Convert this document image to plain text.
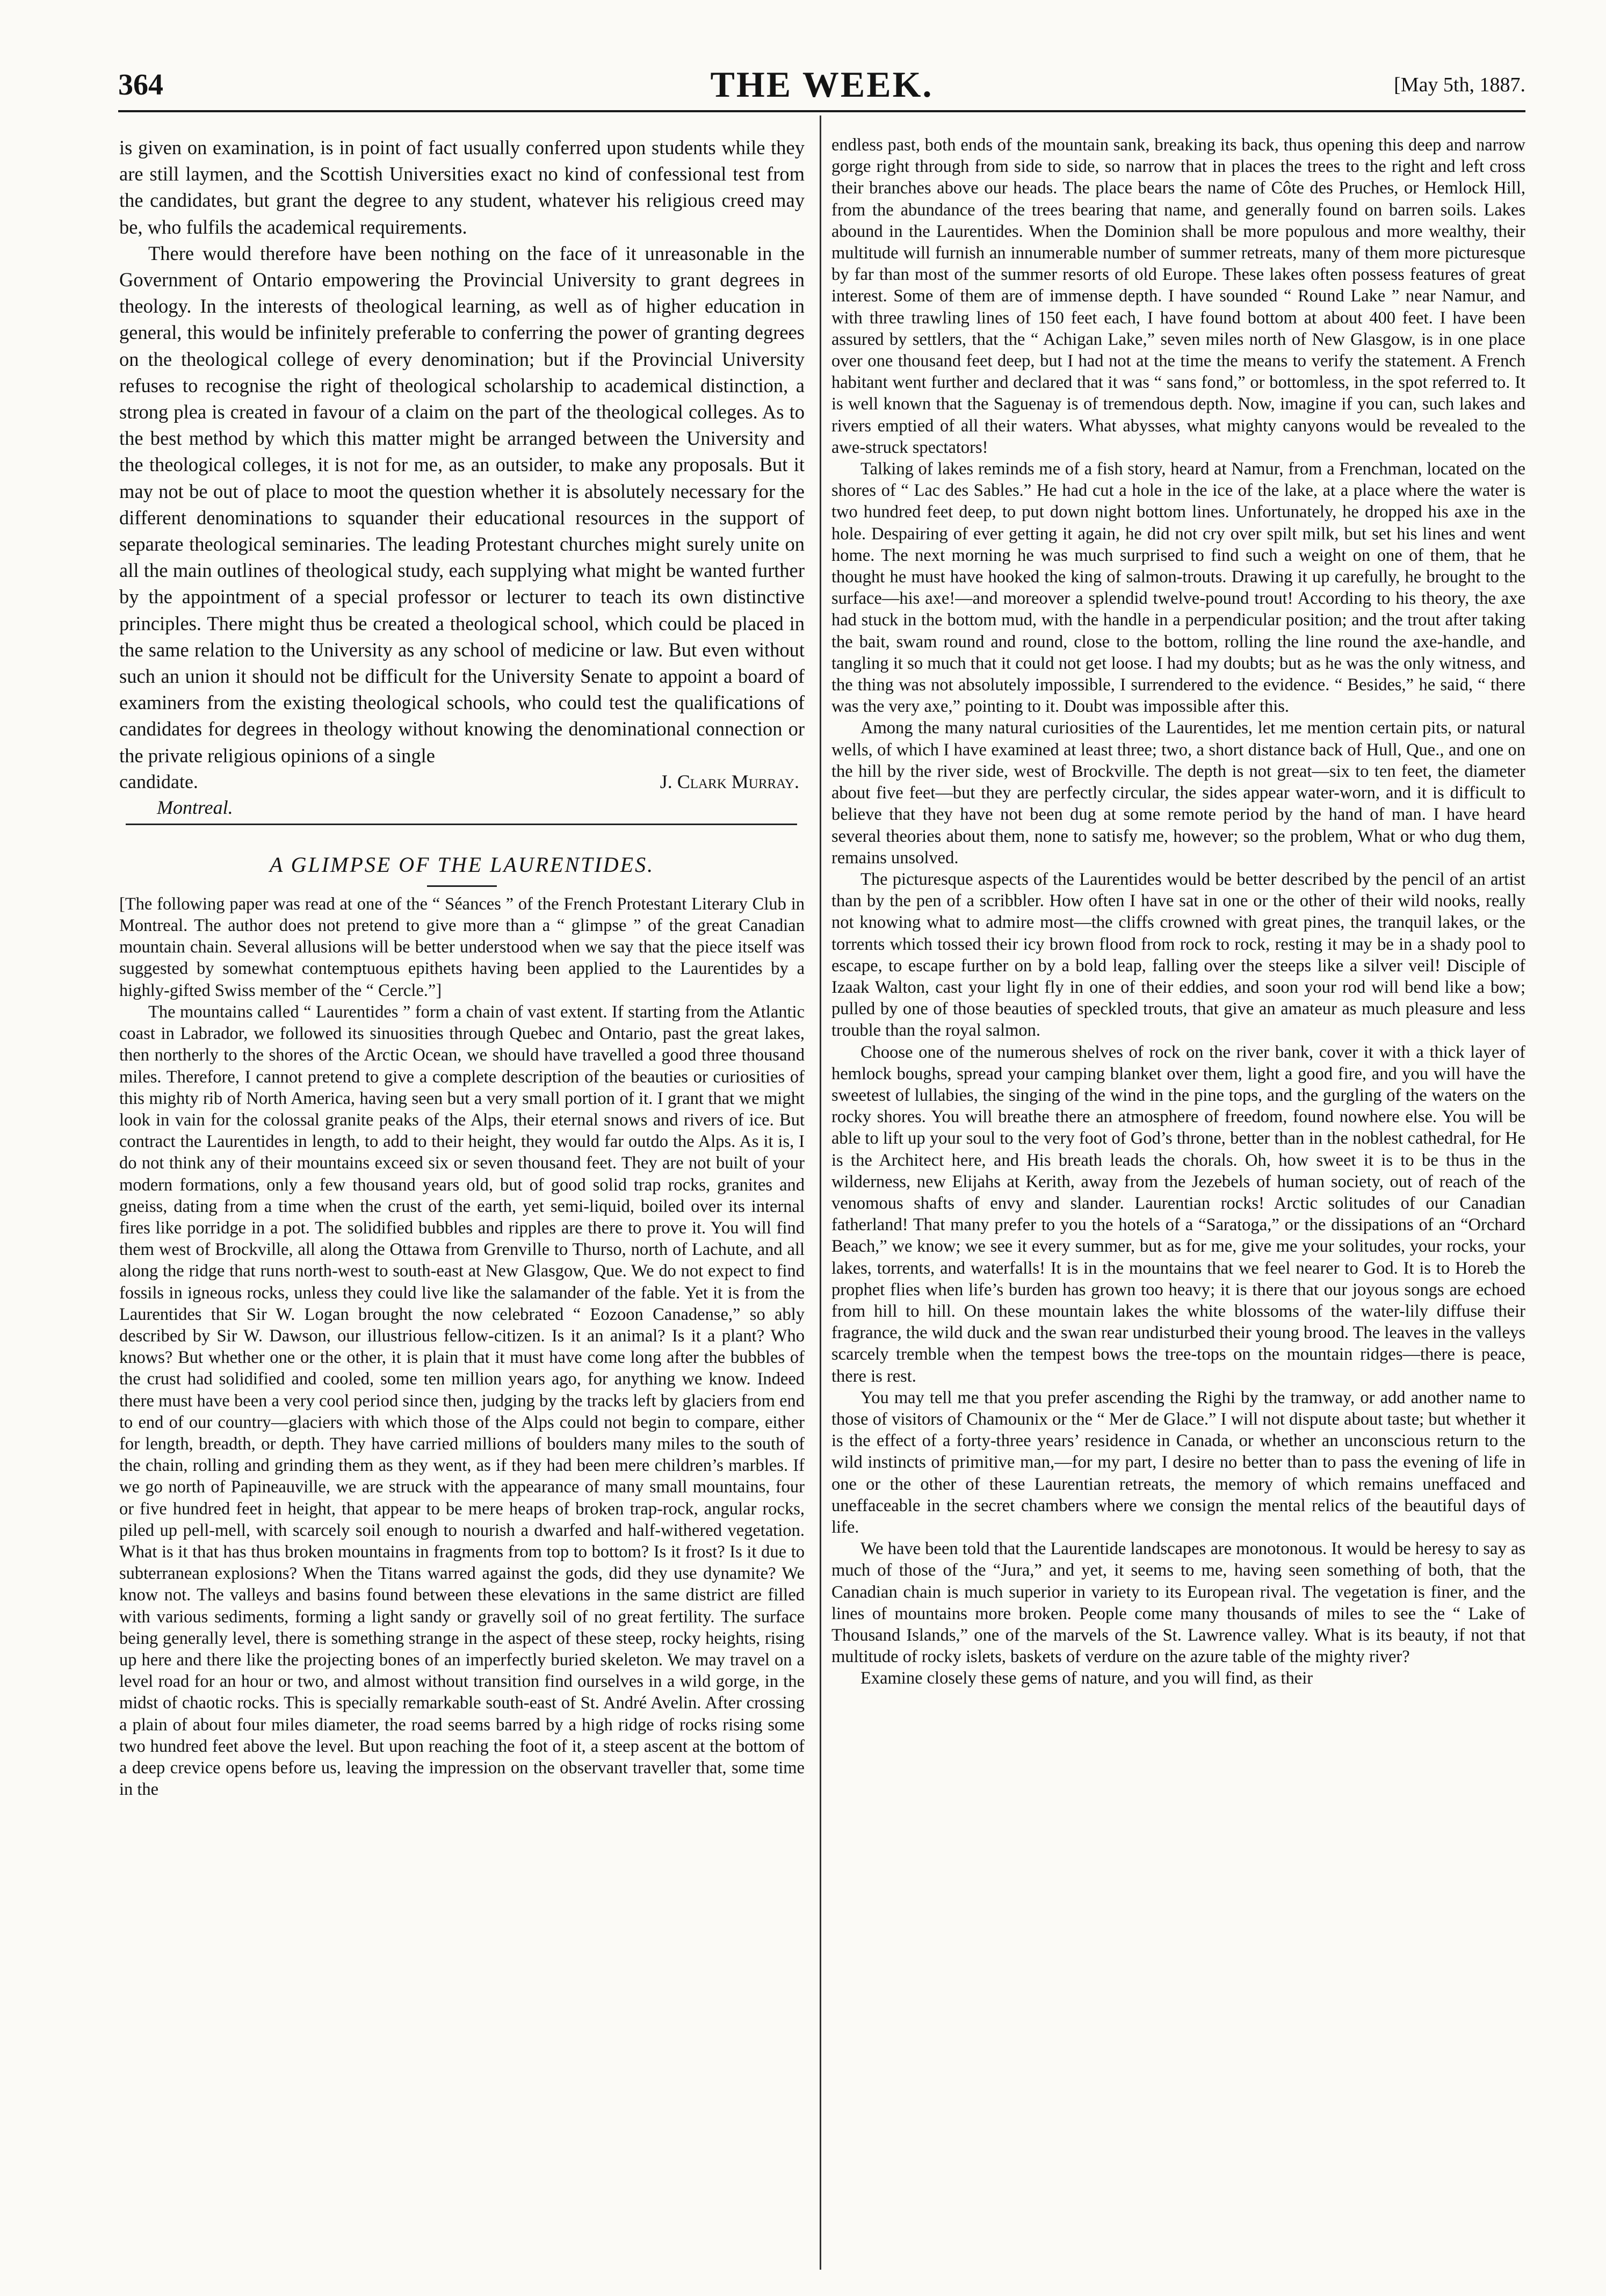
364	THE WEEK.	[May 5th, 1887.

is given on examination, is in point of fact usually conferred upon students while they are still laymen, and the Scottish Universities exact no kind of confessional test from the candidates, but grant the degree to any student, whatever his religious creed may be, who fulfils the academical requirements.

There would therefore have been nothing on the face of it unreasonable in the Government of Ontario empowering the Provincial University to grant degrees in theology. In the interests of theological learning, as well as of higher education in general, this would be infinitely preferable to conferring the power of granting degrees on the theological college of every denomination; but if the Provincial University refuses to recognise the right of theological scholarship to academical distinction, a strong plea is created in favour of a claim on the part of the theological colleges. As to the best method by which this matter might be arranged between the University and the theological colleges, it is not for me, as an outsider, to make any proposals. But it may not be out of place to moot the question whether it is absolutely necessary for the different denominations to squander their educational resources in the support of separate theological seminaries. The leading Protestant churches might surely unite on all the main outlines of theological study, each supplying what might be wanted further by the appointment of a special professor or lecturer to teach its own distinctive principles. There might thus be created a theological school, which could be placed in the same relation to the University as any school of medicine or law. But even without such an union it should not be difficult for the University Senate to appoint a board of examiners from the existing theological schools, who could test the qualifications of candidates for degrees in theology without knowing the denominational connection or the private religious opinions of a single

candidate.	J. Clark Murray.
Montreal.
A GLIMPSE OF THE LAURENTIDES.

[The following paper was read at one of the “ Séances ” of the French Protestant Literary Club in Montreal. The author does not pretend to give more than a “ glimpse ” of the great Canadian mountain chain. Several allusions will be better understood when we say that the piece itself was suggested by somewhat contemptuous epithets having been applied to the Laurentides by a highly-gifted Swiss member of the “ Cercle.”]

The mountains called “ Laurentides ” form a chain of vast extent. If starting from the Atlantic coast in Labrador, we followed its sinuosities through Quebec and Ontario, past the great lakes, then northerly to the shores of the Arctic Ocean, we should have travelled a good three thousand miles. Therefore, I cannot pretend to give a complete description of the beauties or curiosities of this mighty rib of North America, having seen but a very small portion of it. I grant that we might look in vain for the colossal granite peaks of the Alps, their eternal snows and rivers of ice. But contract the Laurentides in length, to add to their height, they would far outdo the Alps. As it is, I do not think any of their mountains exceed six or seven thousand feet. They are not built of your modern formations, only a few thousand years old, but of good solid trap rocks, granites and gneiss, dating from a time when the crust of the earth, yet semi-liquid, boiled over its internal fires like porridge in a pot. The solidified bubbles and ripples are there to prove it. You will find them west of Brockville, all along the Ottawa from Grenville to Thurso, north of Lachute, and all along the ridge that runs north-west to south-east at New Glasgow, Que. We do not expect to find fossils in igneous rocks, unless they could live like the salamander of the fable. Yet it is from the Laurentides that Sir W. Logan brought the now celebrated “ Eozoon Canadense,” so ably described by Sir W. Dawson, our illustrious fellow-citizen. Is it an animal? Is it a plant? Who knows? But whether one or the other, it is plain that it must have come long after the bubbles of the crust had solidified and cooled, some ten million years ago, for anything we know. Indeed there must have been a very cool period since then, judging by the tracks left by glaciers from end to end of our country—glaciers with which those of the Alps could not begin to compare, either for length, breadth, or depth. They have carried millions of boulders many miles to the south of the chain, rolling and grinding them as they went, as if they had been mere children’s marbles. If we go north of Papineauville, we are struck with the appearance of many small mountains, four or five hundred feet in height, that appear to be mere heaps of broken trap-rock, angular rocks, piled up pell-mell, with scarcely soil enough to nourish a dwarfed and half-withered vegetation. What is it that has thus broken mountains in fragments from top to bottom? Is it frost? Is it due to subterranean explosions? When the Titans warred against the gods, did they use dynamite? We know not. The valleys and basins found between these elevations in the same district are filled with various sediments, forming a light sandy or gravelly soil of no great fertility. The surface being generally level, there is something strange in the aspect of these steep, rocky heights, rising up here and there like the projecting bones of an imperfectly buried skeleton. We may travel on a level road for an hour or two, and almost without transition find ourselves in a wild gorge, in the midst of chaotic rocks. This is specially remarkable south-east of St. André Avelin. After crossing a plain of about four miles diameter, the road seems barred by a high ridge of rocks rising some two hundred feet above the level. But upon reaching the foot of it, a steep ascent at the bottom of a deep crevice opens before us, leaving the impression on the observant traveller that, some time in the

endless past, both ends of the mountain sank, breaking its back, thus opening this deep and narrow gorge right through from side to side, so narrow that in places the trees to the right and left cross their branches above our heads. The place bears the name of Côte des Pruches, or Hemlock Hill, from the abundance of the trees bearing that name, and generally found on barren soils. Lakes abound in the Laurentides. When the Dominion shall be more populous and more wealthy, their multitude will furnish an innumerable number of summer retreats, many of them more picturesque by far than most of the summer resorts of old Europe. These lakes often possess features of great interest. Some of them are of immense depth. I have sounded “ Round Lake ” near Namur, and with three trawling lines of 150 feet each, I have found bottom at about 400 feet. I have been assured by settlers, that the “ Achigan Lake,” seven miles north of New Glasgow, is in one place over one thousand feet deep, but I had not at the time the means to verify the statement. A French habitant went further and declared that it was “ sans fond,” or bottomless, in the spot referred to. It is well known that the Saguenay is of tremendous depth. Now, imagine if you can, such lakes and rivers emptied of all their waters. What abysses, what mighty canyons would be revealed to the awe-struck spectators!

Talking of lakes reminds me of a fish story, heard at Namur, from a Frenchman, located on the shores of “ Lac des Sables.” He had cut a hole in the ice of the lake, at a place where the water is two hundred feet deep, to put down night bottom lines. Unfortunately, he dropped his axe in the hole. Despairing of ever getting it again, he did not cry over spilt milk, but set his lines and went home. The next morning he was much surprised to find such a weight on one of them, that he thought he must have hooked the king of salmon-trouts. Drawing it up carefully, he brought to the surface—his axe!—and moreover a splendid twelve-pound trout! According to his theory, the axe had stuck in the bottom mud, with the handle in a perpendicular position; and the trout after taking the bait, swam round and round, close to the bottom, rolling the line round the axe-handle, and tangling it so much that it could not get loose. I had my doubts; but as he was the only witness, and the thing was not absolutely impossible, I surrendered to the evidence. “ Besides,” he said, “ there was the very axe,” pointing to it. Doubt was impossible after this.

Among the many natural curiosities of the Laurentides, let me mention certain pits, or natural wells, of which I have examined at least three; two, a short distance back of Hull, Que., and one on the hill by the river side, west of Brockville. The depth is not great—six to ten feet, the diameter about five feet—but they are perfectly circular, the sides appear water-worn, and it is difficult to believe that they have not been dug at some remote period by the hand of man. I have heard several theories about them, none to satisfy me, however; so the problem, What or who dug them, remains unsolved.

The picturesque aspects of the Laurentides would be better described by the pencil of an artist than by the pen of a scribbler. How often I have sat in one or the other of their wild nooks, really not knowing what to admire most—the cliffs crowned with great pines, the tranquil lakes, or the torrents which tossed their icy brown flood from rock to rock, resting it may be in a shady pool to escape, to escape further on by a bold leap, falling over the steeps like a silver veil! Disciple of Izaak Walton, cast your light fly in one of their eddies, and soon your rod will bend like a bow; pulled by one of those beauties of speckled trouts, that give an amateur as much pleasure and less trouble than the royal salmon.

Choose one of the numerous shelves of rock on the river bank, cover it with a thick layer of hemlock boughs, spread your camping blanket over them, light a good fire, and you will have the sweetest of lullabies, the singing of the wind in the pine tops, and the gurgling of the waters on the rocky shores. You will breathe there an atmosphere of freedom, found nowhere else. You will be able to lift up your soul to the very foot of God’s throne, better than in the noblest cathedral, for He is the Architect here, and His breath leads the chorals. Oh, how sweet it is to be thus in the wilderness, new Elijahs at Kerith, away from the Jezebels of human society, out of reach of the venomous shafts of envy and slander. Laurentian rocks! Arctic solitudes of our Canadian fatherland! That many prefer to you the hotels of a “Saratoga,” or the dissipations of an “Orchard Beach,” we know; we see it every summer, but as for me, give me your solitudes, your rocks, your lakes, torrents, and waterfalls! It is in the mountains that we feel nearer to God. It is to Horeb the prophet flies when life’s burden has grown too heavy; it is there that our joyous songs are echoed from hill to hill. On these mountain lakes the white blossoms of the water-lily diffuse their fragrance, the wild duck and the swan rear undisturbed their young brood. The leaves in the valleys scarcely tremble when the tempest bows the tree-tops on the mountain ridges—there is peace, there is rest.

You may tell me that you prefer ascending the Righi by the tramway, or add another name to those of visitors of Chamounix or the “ Mer de Glace.” I will not dispute about taste; but whether it is the effect of a forty-three years’ residence in Canada, or whether an unconscious return to the wild instincts of primitive man,—for my part, I desire no better than to pass the evening of life in one or the other of these Laurentian retreats, the memory of which remains uneffaced and uneffaceable in the secret chambers where we consign the mental relics of the beautiful days of life.

We have been told that the Laurentide landscapes are monotonous. It would be heresy to say as much of those of the “Jura,” and yet, it seems to me, having seen something of both, that the Canadian chain is much superior in variety to its European rival. The vegetation is finer, and the lines of mountains more broken. People come many thousands of miles to see the “ Lake of Thousand Islands,” one of the marvels of the St. Lawrence valley. What is its beauty, if not that multitude of rocky islets, baskets of verdure on the azure table of the mighty river?

Examine closely these gems of nature, and you will find, as their
